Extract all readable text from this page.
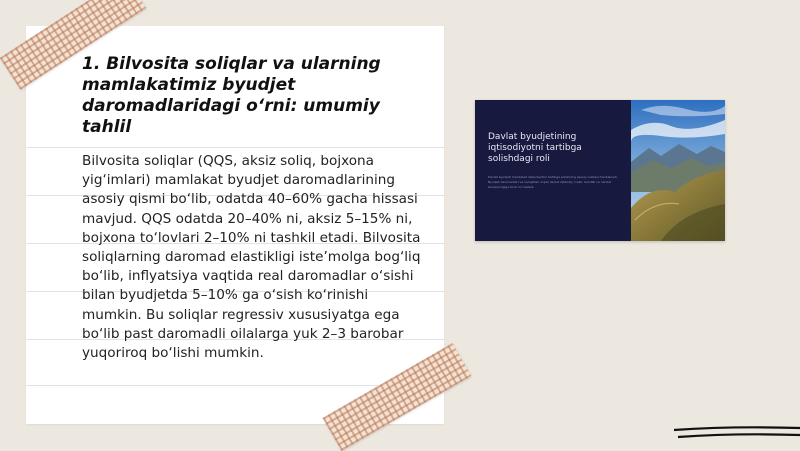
1. Bilvosita soliqlar va ularning mamlakatimiz byudjet daromadlaridagi o‘rni: umumiy tahlil

Bilvosita soliqlar (QQS, aksiz soliq, bojxona yig‘imlari) mamlakat byudjet daromadlarining asosiy qismi bo‘lib, odatda 40–60% gacha hissasi mavjud. QQS odatda 20–40% ni, aksiz 5–15% ni, bojxona to‘lovlari 2–10% ni tashkil etadi. Bilvosita soliqlarning daromad elastikligi iste’molga bog‘liq bo‘lib, inflyatsiya vaqtida real daromadlar o‘sishi bilan byudjetda 5–10% ga o‘sish ko‘rinishi mumkin. Bu soliqlar regressiv xususiyatga ega bo‘lib past daromadli oilalarga yuk 2–3 barobar yuqoriroq bo‘lishi mumkin.

Davlat byudjetining iqtisodiyotni tartibga solishdagi roli

Davlat byudjeti mamlakat iqtisodiyotini tartibga solishning asosiy vositasi hisoblanadi. Byudjet daromadlari va xarajatlari orqali davlat iqtisodiy o‘sish, bandlik va narxlar barqarorligiga ta’sir ko‘rsatadi.
